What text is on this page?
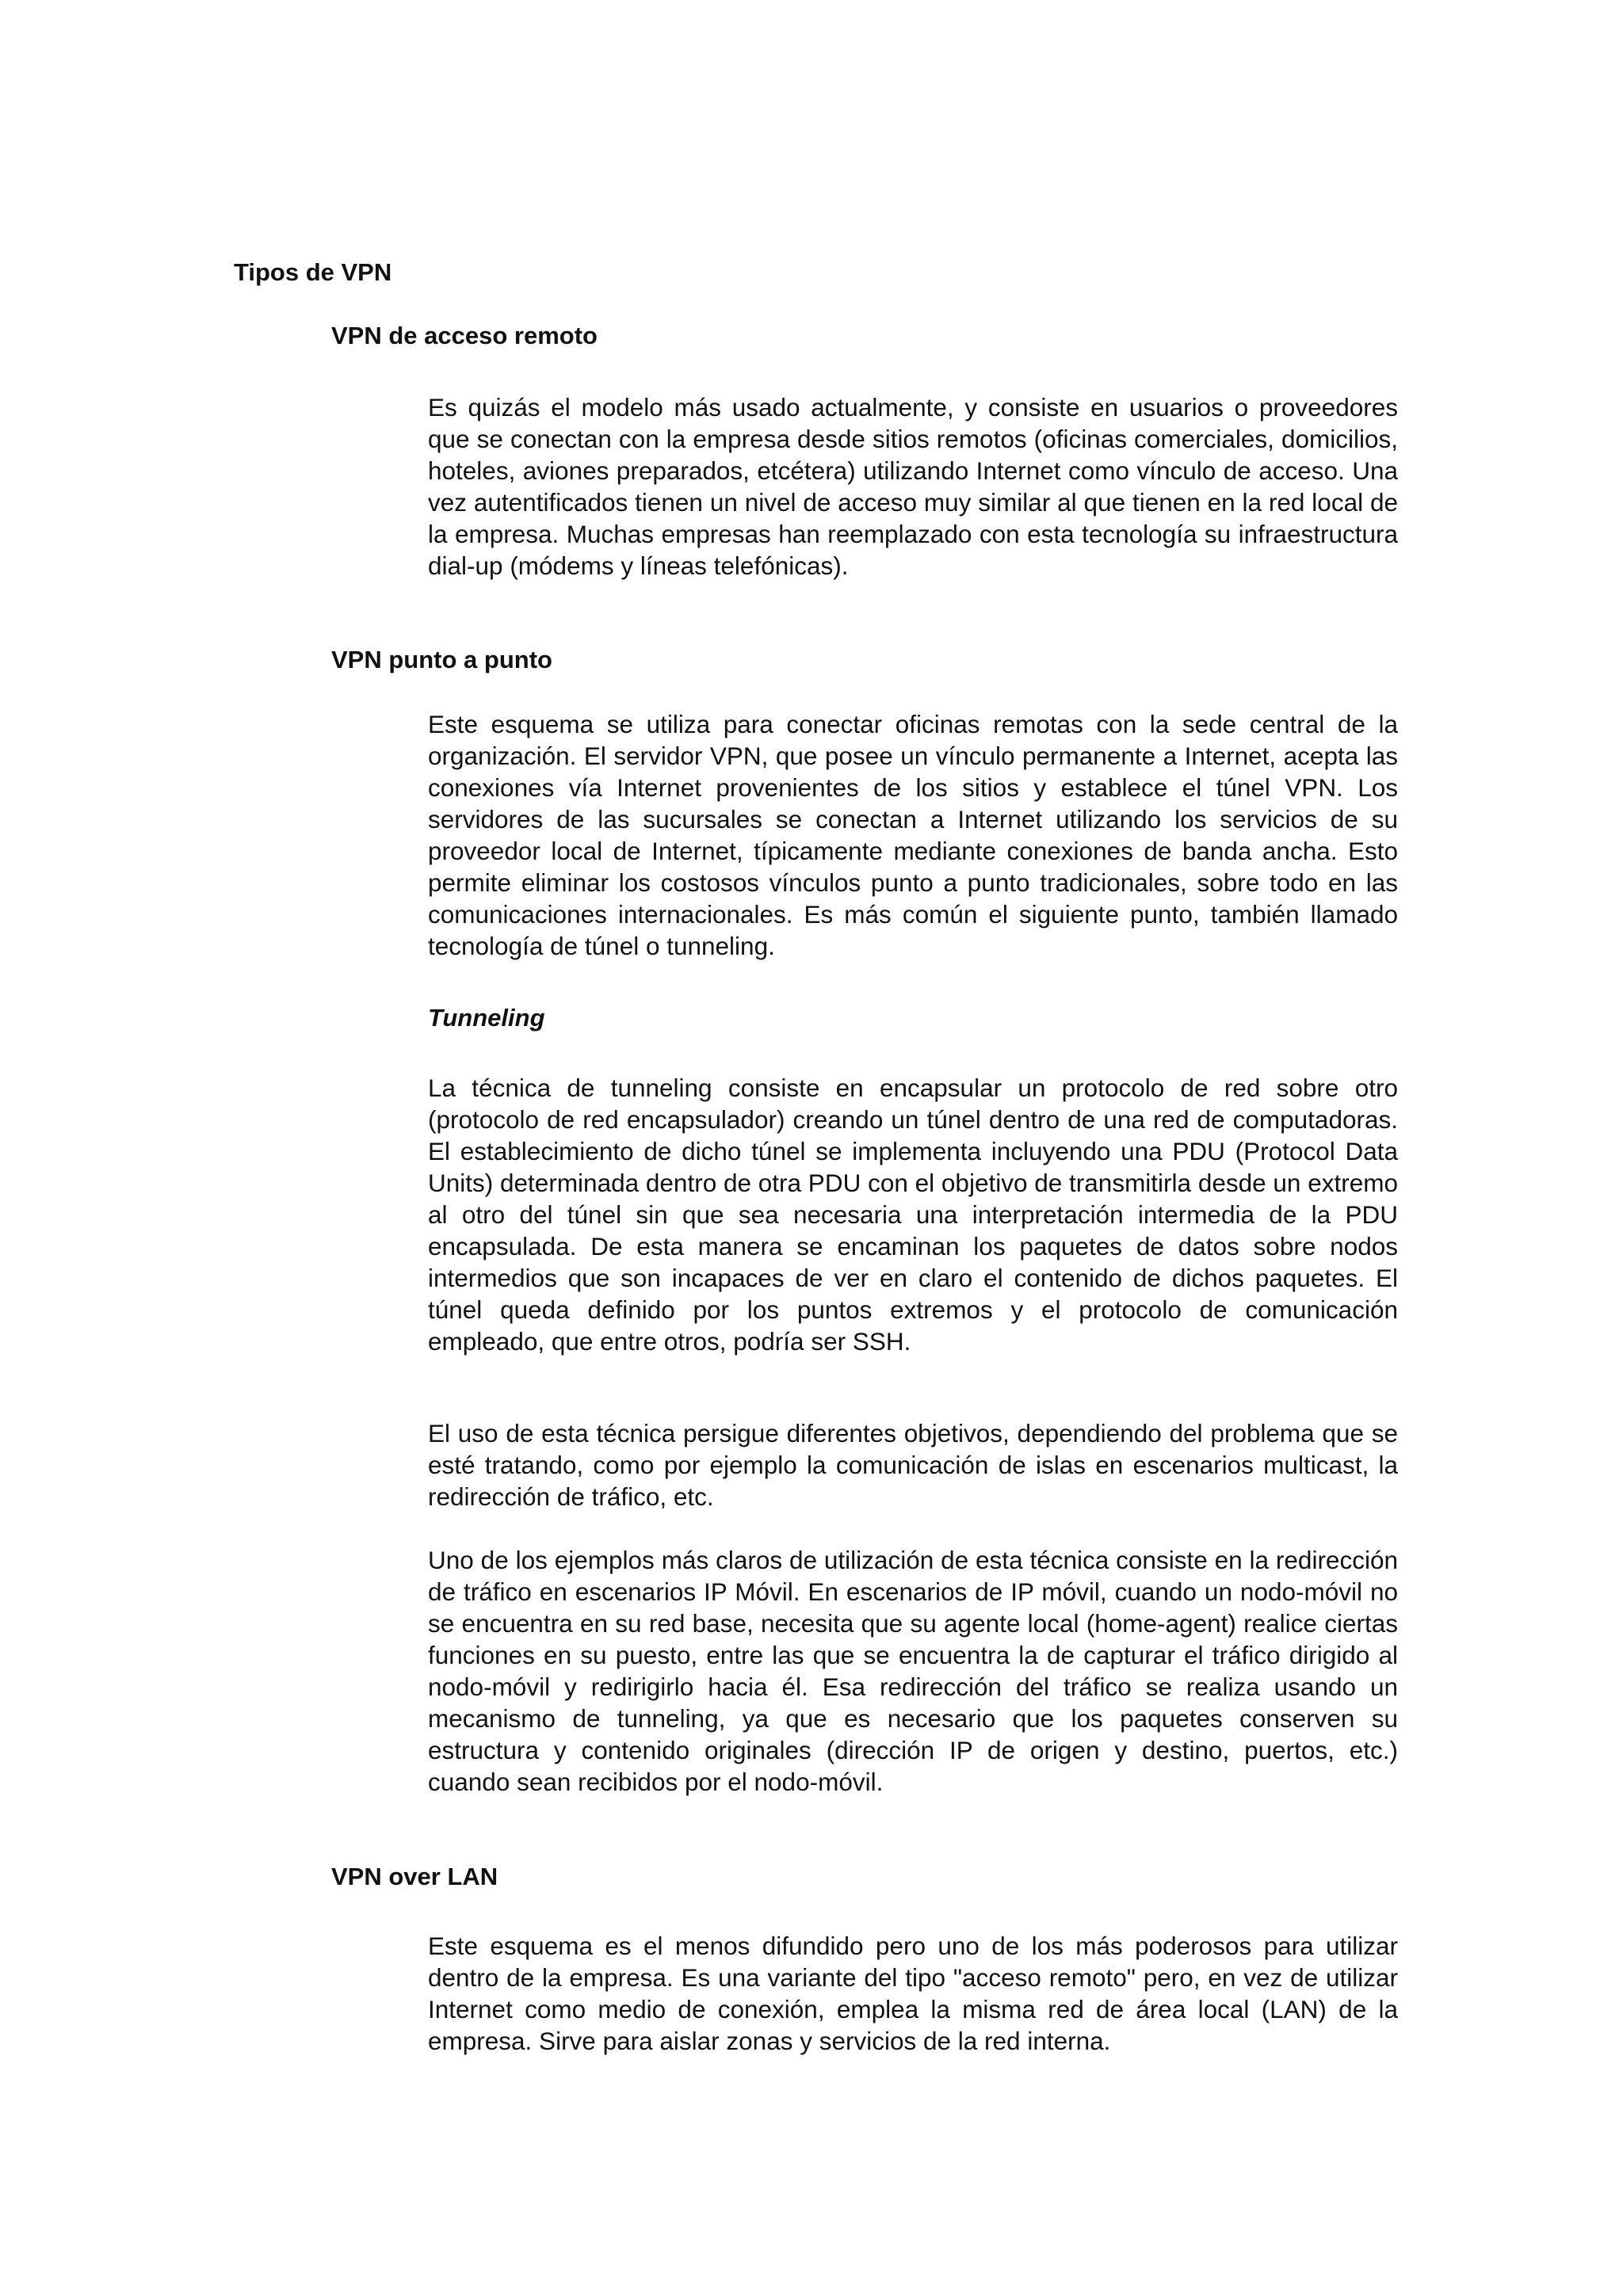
Tipos de VPN
VPN de acceso remoto

Es quizás el modelo más usado actualmente, y consiste en usuarios o proveedores que se conectan con la empresa desde sitios remotos (oficinas comerciales, domicilios, hoteles, aviones preparados, etcétera) utilizando Internet como vínculo de acceso. Una vez autentificados tienen un nivel de acceso muy similar al que tienen en la red local de la empresa. Muchas empresas han reemplazado con esta tecnología su infraestructura dial-up (módems y líneas telefónicas).

VPN punto a punto

Este esquema se utiliza para conectar oficinas remotas con la sede central de la organización. El servidor VPN, que posee un vínculo permanente a Internet, acepta las conexiones vía Internet provenientes de los sitios y establece el túnel VPN. Los servidores de las sucursales se conectan a Internet utilizando los servicios de su proveedor local de Internet, típicamente mediante conexiones de banda ancha. Esto permite eliminar los costosos vínculos punto a punto tradicionales, sobre todo en las comunicaciones internacionales. Es más común el siguiente punto, también llamado tecnología de túnel o tunneling.

Tunneling

La técnica de tunneling consiste en encapsular un protocolo de red sobre otro (protocolo de red encapsulador) creando un túnel dentro de una red de computadoras. El establecimiento de dicho túnel se implementa incluyendo una PDU (Protocol Data Units) determinada dentro de otra PDU con el objetivo de transmitirla desde un extremo al otro del túnel sin que sea necesaria una interpretación intermedia de la PDU encapsulada. De esta manera se encaminan los paquetes de datos sobre nodos intermedios que son incapaces de ver en claro el contenido de dichos paquetes. El túnel queda definido por los puntos extremos y el protocolo de comunicación empleado, que entre otros, podría ser SSH.

El uso de esta técnica persigue diferentes objetivos, dependiendo del problema que se esté tratando, como por ejemplo la comunicación de islas en escenarios multicast, la redirección de tráfico, etc.

Uno de los ejemplos más claros de utilización de esta técnica consiste en la redirección de tráfico en escenarios IP Móvil. En escenarios de IP móvil, cuando un nodo-móvil no se encuentra en su red base, necesita que su agente local (home-agent) realice ciertas funciones en su puesto, entre las que se encuentra la de capturar el tráfico dirigido al nodo-móvil y redirigirlo hacia él. Esa redirección del tráfico se realiza usando un mecanismo de tunneling, ya que es necesario que los paquetes conserven su estructura y contenido originales (dirección IP de origen y destino, puertos, etc.) cuando sean recibidos por el nodo-móvil.

VPN over LAN

Este esquema es el menos difundido pero uno de los más poderosos para utilizar dentro de la empresa. Es una variante del tipo "acceso remoto" pero, en vez de utilizar Internet como medio de conexión, emplea la misma red de área local (LAN) de la empresa. Sirve para aislar zonas y servicios de la red interna.
